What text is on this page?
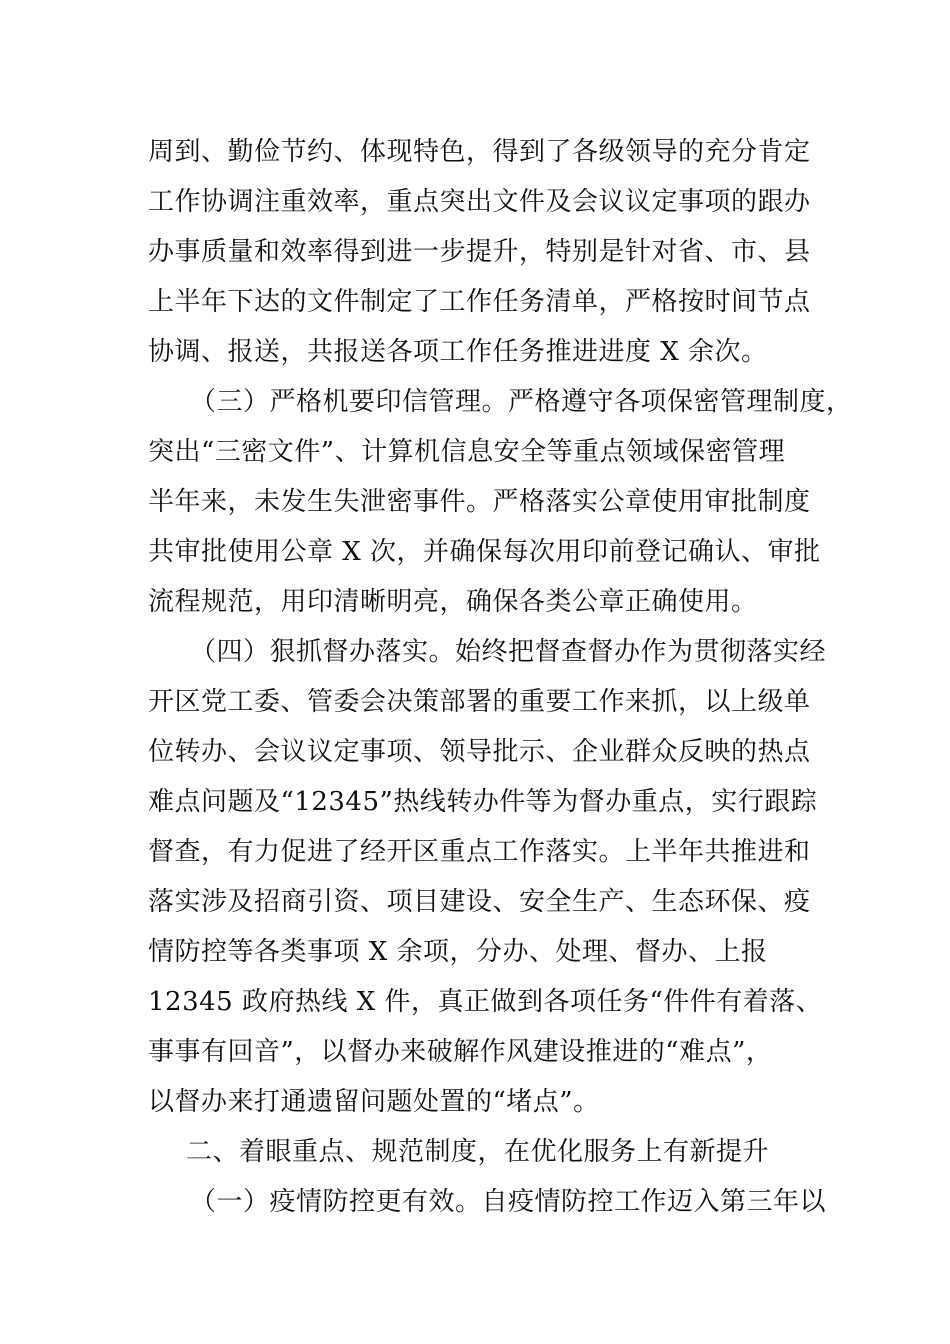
周到、勤俭节约、体现特色，得到了各级领导的充分肯定
工作协调注重效率，重点突出文件及会议议定事项的跟办
办事质量和效率得到进一步提升，特别是针对省、市、县
上半年下达的文件制定了工作任务清单，严格按时间节点
协调、报送，共报送各项工作任务推进进度 X 余次。
（三）严格机要印信管理。严格遵守各项保密管理制度，
突出“三密文件”、计算机信息安全等重点领域保密管理
半年来，未发生失泄密事件。严格落实公章使用审批制度
共审批使用公章 X 次，并确保每次用印前登记确认、审批
流程规范，用印清晰明亮，确保各类公章正确使用。
（四）狠抓督办落实。始终把督查督办作为贯彻落实经
开区党工委、管委会决策部署的重要工作来抓，以上级单
位转办、会议议定事项、领导批示、企业群众反映的热点
难点问题及“12345”热线转办件等为督办重点，实行跟踪
督查，有力促进了经开区重点工作落实。上半年共推进和
落实涉及招商引资、项目建设、安全生产、生态环保、疫
情防控等各类事项 X 余项，分办、处理、督办、上报
12345 政府热线 X 件，真正做到各项任务“件件有着落、
事事有回音”，以督办来破解作风建设推进的“难点”，
以督办来打通遗留问题处置的“堵点”。
二、着眼重点、规范制度，在优化服务上有新提升
（一）疫情防控更有效。自疫情防控工作迈入第三年以
